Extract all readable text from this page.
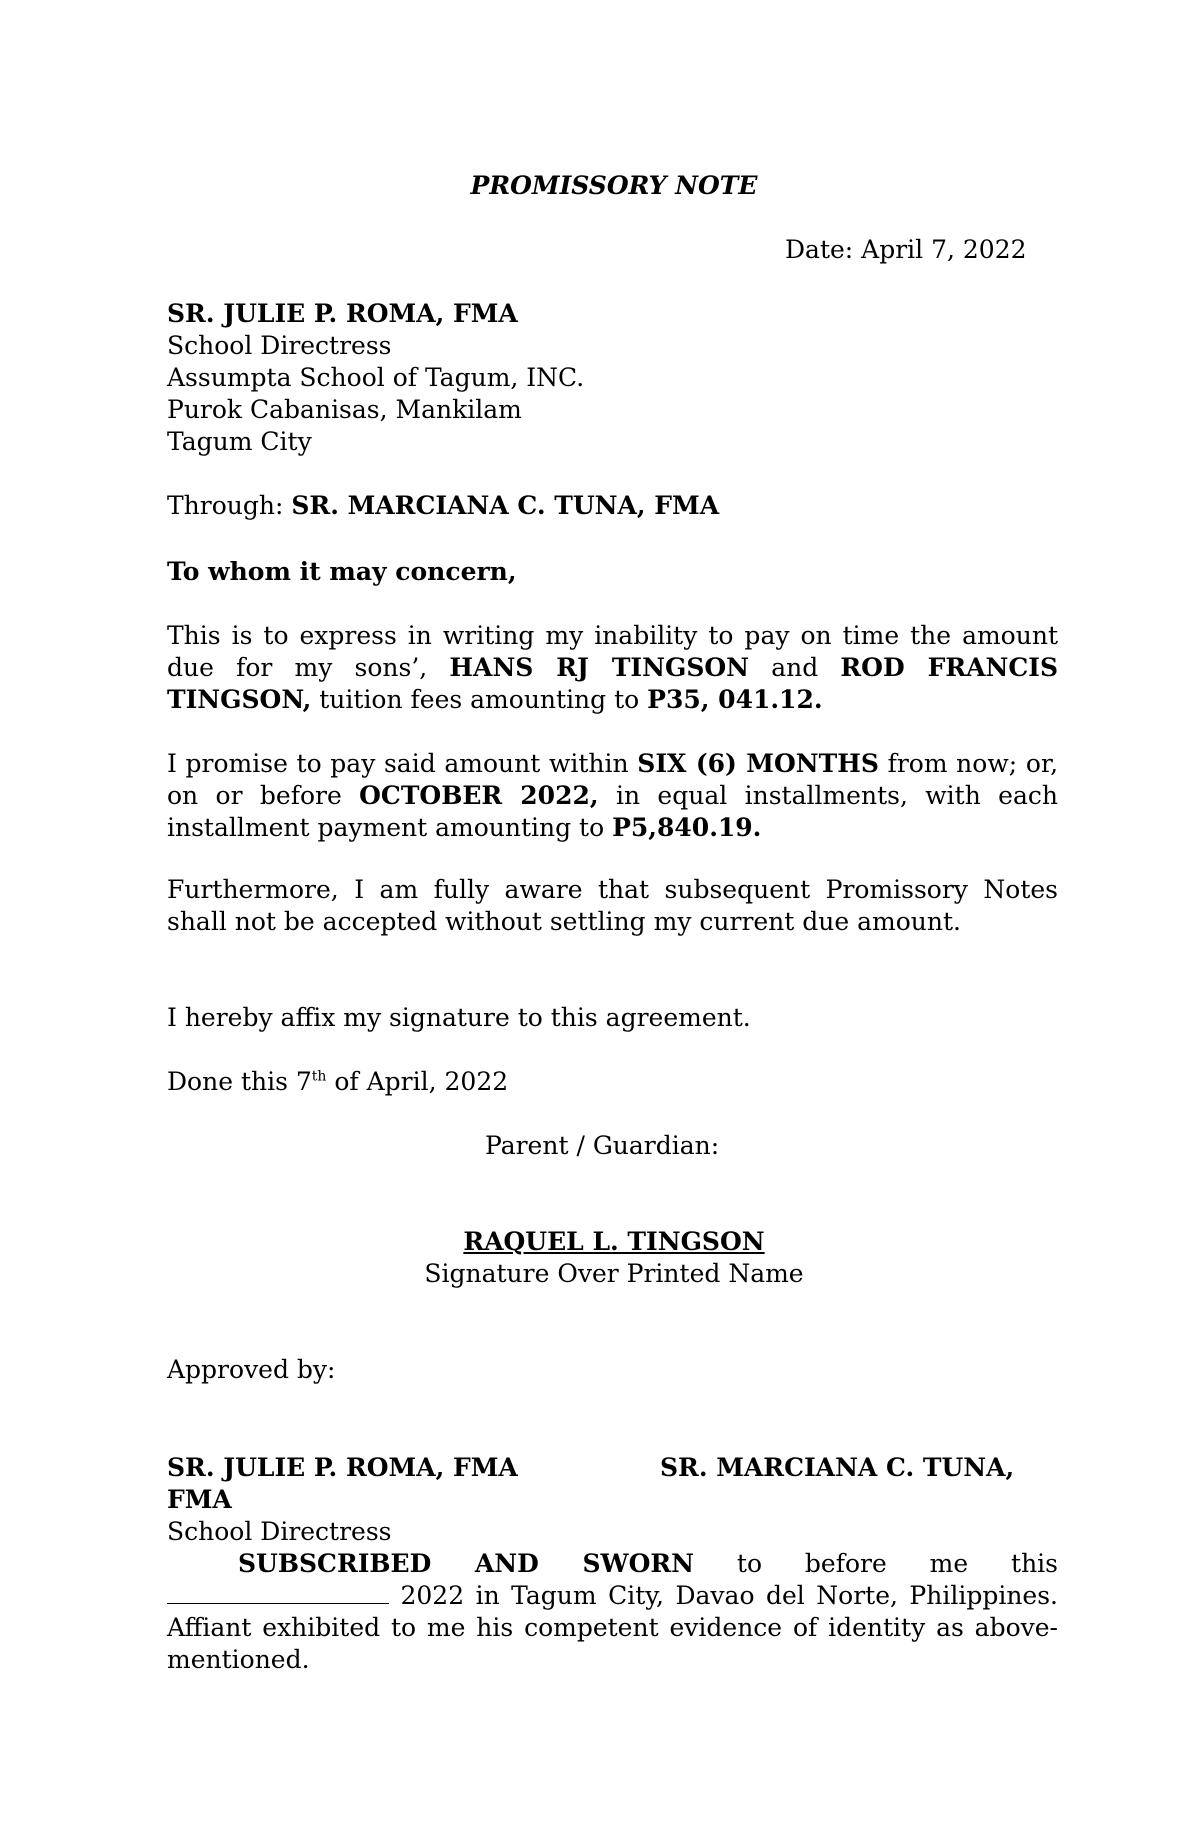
PROMISSORY NOTE
Date: April 7, 2022
SR. JULIE P. ROMA, FMA
School Directress
Assumpta School of Tagum, INC.
Purok Cabanisas, Mankilam
Tagum City
Through: SR. MARCIANA C. TUNA, FMA
To whom it may concern,
This is to express in writing my inability to pay on time the amount due for my sons’, HANS RJ TINGSON and ROD FRANCIS TINGSON, tuition fees amounting to P35, 041.12.
I promise to pay said amount within SIX (6) MONTHS from now; or, on or before OCTOBER 2022, in equal installments, with each installment payment amounting to P5,840.19.
Furthermore, I am fully aware that subsequent Promissory Notes shall not be accepted without settling my current due amount.
I hereby affix my signature to this agreement.
Done this 7th of April, 2022
Parent / Guardian:
RAQUEL L. TINGSON
Signature Over Printed Name
Approved by:
SR. JULIE P. ROMA, FMA	SR. MARCIANA C. TUNA,
FMA
School Directress
SUBSCRIBED AND SWORN to before me this  2022 in Tagum City, Davao del Norte, Philippines. Affiant exhibited to me his competent evidence of identity as above-mentioned.
